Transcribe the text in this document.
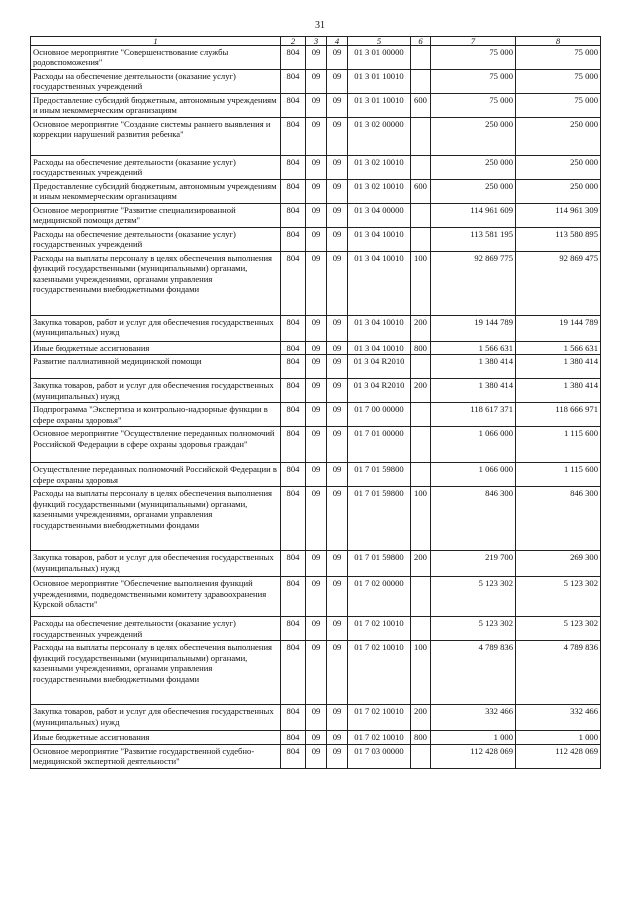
31
1	2	3	4	5	6	7	8
Основное мероприятие "Совершенствование службы родовспоможения"	804	09	09	01 3 01 00000		75 000	75 000
Расходы на обеспечение деятельности (оказание услуг) государственных учреждений	804	09	09	01 3 01 10010		75 000	75 000
Предоставление субсидий бюджетным, автономным учреждениям и иным некоммерческим организациям	804	09	09	01 3 01 10010	600	75 000	75 000
Основное мероприятие "Создание системы раннего выявления и коррекции нарушений развития ребенка"	804	09	09	01 3 02 00000		250 000	250 000
Расходы на обеспечение деятельности (оказание услуг) государственных учреждений	804	09	09	01 3 02 10010		250 000	250 000
Предоставление субсидий бюджетным, автономным учреждениям и иным некоммерческим организациям	804	09	09	01 3 02 10010	600	250 000	250 000
Основное мероприятие "Развитие специализированной медицинской помощи детям"	804	09	09	01 3 04 00000		114 961 609	114 961 309
Расходы на обеспечение деятельности (оказание услуг) государственных учреждений	804	09	09	01 3 04 10010		113 581 195	113 580 895
Расходы на выплаты персоналу в целях обеспечения выполнения функций государственными (муниципальными) органами, казенными учреждениями, органами управления государственными внебюджетными фондами	804	09	09	01 3 04 10010	100	92 869 775	92 869 475
Закупка товаров, работ и услуг для обеспечения государственных (муниципальных) нужд	804	09	09	01 3 04 10010	200	19 144 789	19 144 789
Иные бюджетные ассигнования	804	09	09	01 3 04 10010	800	1 566 631	1 566 631
Развитие паллиативной медицинской помощи	804	09	09	01 3 04 R2010		1 380 414	1 380 414
Закупка товаров, работ и услуг для обеспечения государственных (муниципальных) нужд	804	09	09	01 3 04 R2010	200	1 380 414	1 380 414
Подпрограмма "Экспертиза и контрольно-надзорные функции в сфере охраны здоровья"	804	09	09	01 7 00 00000		118 617 371	118 666 971
Основное мероприятие "Осуществление переданных полномочий Российской Федерации в сфере охраны здоровья граждан"	804	09	09	01 7 01 00000		1 066 000	1 115 600
Осуществление переданных полномочий Российской Федерации в сфере охраны здоровья	804	09	09	01 7 01 59800		1 066 000	1 115 600
Расходы на выплаты персоналу в целях обеспечения выполнения функций государственными (муниципальными) органами, казенными учреждениями, органами управления государственными внебюджетными фондами	804	09	09	01 7 01 59800	100	846 300	846 300
Закупка товаров, работ и услуг для обеспечения государственных (муниципальных) нужд	804	09	09	01 7 01 59800	200	219 700	269 300
Основное мероприятие "Обеспечение выполнения функций учреждениями, подведомственными комитету здравоохранения Курской области"	804	09	09	01 7 02 00000		5 123 302	5 123 302
Расходы на обеспечение деятельности (оказание услуг) государственных учреждений	804	09	09	01 7 02 10010		5 123 302	5 123 302
Расходы на выплаты персоналу в целях обеспечения выполнения функций государственными (муниципальными) органами, казенными учреждениями, органами управления государственными внебюджетными фондами	804	09	09	01 7 02 10010	100	4 789 836	4 789 836
Закупка товаров, работ и услуг для обеспечения государственных (муниципальных) нужд	804	09	09	01 7 02 10010	200	332 466	332 466
Иные бюджетные ассигнования	804	09	09	01 7 02 10010	800	1 000	1 000
Основное мероприятие "Развитие государственной судебно-медицинской экспертной деятельности"	804	09	09	01 7 03 00000		112 428 069	112 428 069
